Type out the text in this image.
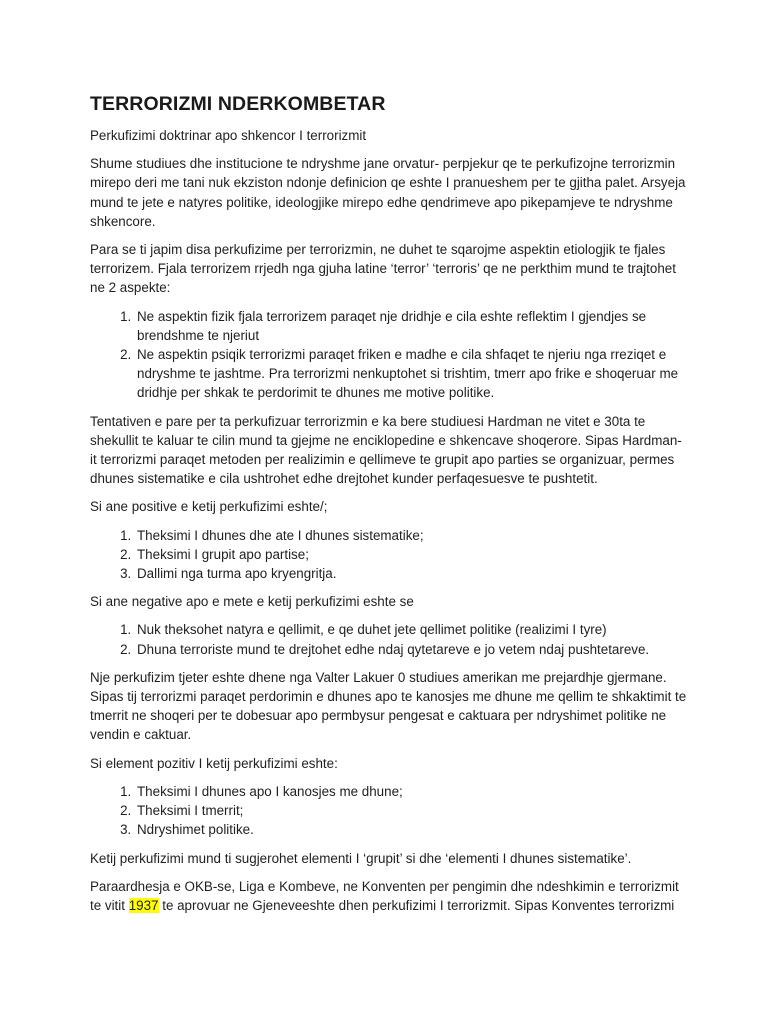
TERRORIZMI NDERKOMBETAR

Perkufizimi doktrinar apo shkencor I terrorizmit

Shume studiues dhe institucione te ndryshme jane orvatur- perpjekur qe te perkufizojne terrorizmin mirepo deri me tani nuk ekziston ndonje definicion qe eshte I pranueshem per te gjitha palet. Arsyeja mund te jete e natyres politike, ideologjike mirepo edhe qendrimeve apo pikepamjeve te ndryshme shkencore.

Para se ti japim disa perkufizime per terrorizmin, ne duhet te sqarojme aspektin etiologjik te fjales terrorizem. Fjala terrorizem rrjedh nga gjuha latine ‘terror’ ‘terroris’ qe ne perkthim mund te trajtohet ne 2 aspekte:

1. Ne aspektin fizik fjala terrorizem paraqet nje dridhje e cila eshte reflektim I gjendjes se brendshme te njeriut
2. Ne aspektin psiqik terrorizmi paraqet friken e madhe e cila shfaqet te njeriu nga rreziqet e ndryshme te jashtme. Pra terrorizmi nenkuptohet si trishtim, tmerr apo frike e shoqeruar me dridhje per shkak te perdorimit te dhunes me motive politike.

Tentativen e pare per ta perkufizuar terrorizmin e ka bere studiuesi Hardman ne vitet e 30ta te shekullit te kaluar te cilin mund ta gjejme ne enciklopedine e shkencave shoqerore. Sipas Hardman-it terrorizmi paraqet metoden per realizimin e qellimeve te grupit apo parties se organizuar, permes dhunes sistematike e cila ushtrohet edhe drejtohet kunder perfaqesuesve te pushtetit.

Si ane positive e ketij perkufizimi eshte/;

1. Theksimi I dhunes dhe ate I dhunes sistematike;
2. Theksimi I grupit apo partise;
3. Dallimi nga turma apo kryengritja.

Si ane negative apo e mete e ketij perkufizimi eshte se

1. Nuk theksohet natyra e qellimit, e qe duhet jete qellimet politike (realizimi I tyre)
2. Dhuna terroriste mund te drejtohet edhe ndaj qytetareve e jo vetem ndaj pushtetareve.

Nje perkufizim tjeter eshte dhene nga Valter Lakuer 0 studiues amerikan me prejardhje gjermane. Sipas tij terrorizmi paraqet perdorimin e dhunes apo te kanosjes me dhune me qellim te shkaktimit te tmerrit ne shoqeri per te dobesuar apo permbysur pengesat e caktuara per ndryshimet politike ne vendin e caktuar.

Si element pozitiv I ketij perkufizimi eshte:

1. Theksimi I dhunes apo I kanosjes me dhune;
2. Theksimi I tmerrit;
3. Ndryshimet politike.

Ketij perkufizimi mund ti sugjerohet elementi I ‘grupit’ si dhe ‘elementi I dhunes sistematike’.

Paraardhesja e OKB-se, Liga e Kombeve, ne Konventen per pengimin dhe ndeshkimin e terrorizmit te vitit 1937 te aprovuar ne Gjeneveeshte dhen perkufizimi I terrorizmit. Sipas Konventes terrorizmi
